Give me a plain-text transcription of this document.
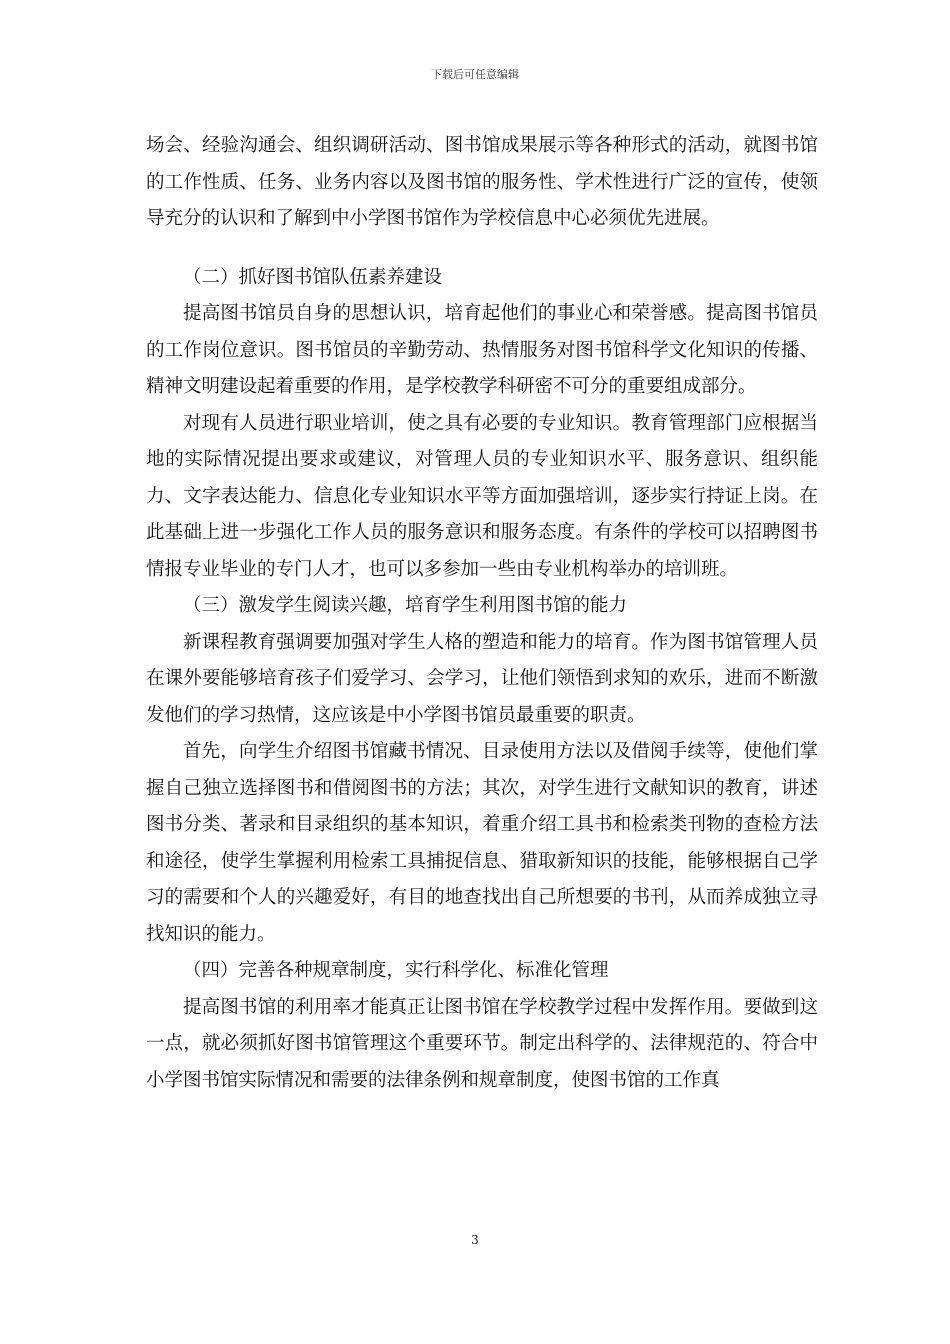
下载后可任意编辑

场会、经验沟通会、组织调研活动、图书馆成果展示等各种形式的活动，就图书馆的工作性质、任务、业务内容以及图书馆的服务性、学术性进行广泛的宣传，使领导充分的认识和了解到中小学图书馆作为学校信息中心必须优先进展。

（二）抓好图书馆队伍素养建设

提高图书馆员自身的思想认识，培育起他们的事业心和荣誉感。提高图书馆员的工作岗位意识。图书馆员的辛勤劳动、热情服务对图书馆科学文化知识的传播、精神文明建设起着重要的作用，是学校教学科研密不可分的重要组成部分。

对现有人员进行职业培训，使之具有必要的专业知识。教育管理部门应根据当地的实际情况提出要求或建议，对管理人员的专业知识水平、服务意识、组织能力、文字表达能力、信息化专业知识水平等方面加强培训，逐步实行持证上岗。在此基础上进一步强化工作人员的服务意识和服务态度。有条件的学校可以招聘图书情报专业毕业的专门人才，也可以多参加一些由专业机构举办的培训班。

（三）激发学生阅读兴趣，培育学生利用图书馆的能力

新课程教育强调要加强对学生人格的塑造和能力的培育。作为图书馆管理人员在课外要能够培育孩子们爱学习、会学习，让他们领悟到求知的欢乐，进而不断激发他们的学习热情，这应该是中小学图书馆员最重要的职责。

首先，向学生介绍图书馆藏书情况、目录使用方法以及借阅手续等，使他们掌握自己独立选择图书和借阅图书的方法；其次，对学生进行文献知识的教育，讲述图书分类、著录和目录组织的基本知识，着重介绍工具书和检索类刊物的查检方法和途径，使学生掌握利用检索工具捕捉信息、猎取新知识的技能，能够根据自己学习的需要和个人的兴趣爱好，有目的地查找出自己所想要的书刊，从而养成独立寻找知识的能力。

（四）完善各种规章制度，实行科学化、标准化管理

提高图书馆的利用率才能真正让图书馆在学校教学过程中发挥作用。要做到这一点，就必须抓好图书馆管理这个重要环节。制定出科学的、法律规范的、符合中小学图书馆实际情况和需要的法律条例和规章制度，使图书馆的工作真

3
